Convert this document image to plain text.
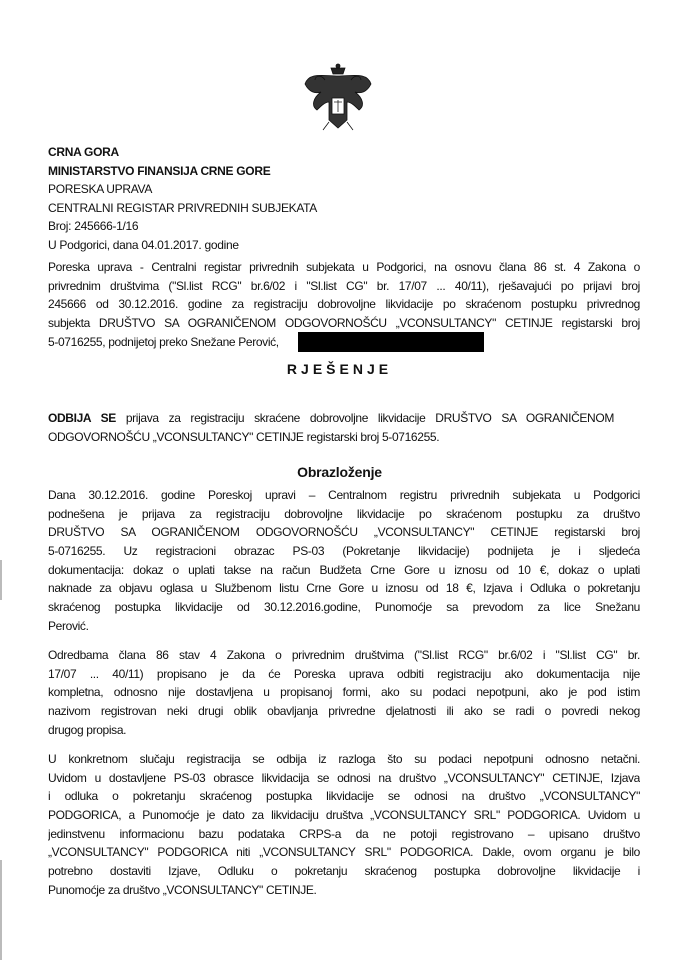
CRNA GORA
MINISTARSTVO FINANSIJA CRNE GORE
PORESKA UPRAVA
CENTRALNI REGISTAR PRIVREDNIH SUBJEKATA
Broj: 245666-1/16
U Podgorici, dana 04.01.2017. godine
Poreska uprava - Centralni registar privrednih subjekata u Podgorici, na osnovu člana 86 st. 4 Zakona o
privrednim društvima ("Sl.list RCG" br.6/02 i "Sl.list CG" br. 17/07 ... 40/11), rješavajući po prijavi broj
245666 od 30.12.2016. godine za registraciju dobrovoljne likvidacije po skraćenom postupku privrednog
subjekta DRUŠTVO SA OGRANIČENOM ODGOVORNOŠĆU „VCONSULTANCY" CETINJE registarski broj
5-0716255, podnijetoj preko Snežane Perović,
RJEŠENJE
ODBIJA SE prijava za registraciju skraćene dobrovoljne likvidacije DRUŠTVO SA OGRANIČENOM
ODGOVORNOŠĆU „VCONSULTANCY" CETINJE registarski broj 5-0716255.
Obrazloženje
Dana 30.12.2016. godine Poreskoj upravi – Centralnom registru privrednih subjekata u Podgorici
podnešena je prijava za registraciju dobrovoljne likvidacije po skraćenom postupku za društvo
DRUŠTVO SA OGRANIČENOM ODGOVORNOŠĆU „VCONSULTANCY" CETINJE registarski broj
5-0716255. Uz registracioni obrazac PS-03 (Pokretanje likvidacije) podnijeta je i sljedeća
dokumentacija: dokaz o uplati takse na račun Budžeta Crne Gore u iznosu od 10 €, dokaz o uplati
naknade za objavu oglasa u Službenom listu Crne Gore u iznosu od 18 €, Izjava i Odluka o pokretanju
skraćenog postupka likvidacije od 30.12.2016.godine, Punomoćje sa prevodom za lice Snežanu
Perović.
Odredbama člana 86 stav 4 Zakona o privrednim društvima ("Sl.list RCG" br.6/02 i "Sl.list CG" br.
17/07 ... 40/11) propisano je da će Poreska uprava odbiti registraciju ako dokumentacija nije
kompletna, odnosno nije dostavljena u propisanoj formi, ako su podaci nepotpuni, ako je pod istim
nazivom registrovan neki drugi oblik obavljanja privredne djelatnosti ili ako se radi o povredi nekog
drugog propisa.
U konkretnom slučaju registracija se odbija iz razloga što su podaci nepotpuni odnosno netačni.
Uvidom u dostavljene PS-03 obrasce likvidacija se odnosi na društvo „VCONSULTANCY" CETINJE, Izjava
i odluka o pokretanju skraćenog postupka likvidacije se odnosi na društvo „VCONSULTANCY"
PODGORICA, a Punomoćje je dato za likvidaciju društva „VCONSULTANCY SRL" PODGORICA. Uvidom u
jedinstvenu informacionu bazu podataka CRPS-a da ne potoji registrovano – upisano društvo
„VCONSULTANCY" PODGORICA niti „VCONSULTANCY SRL" PODGORICA. Dakle, ovom organu je bilo
potrebno dostaviti Izjave, Odluku o pokretanju skraćenog postupka dobrovoljne likvidacije i
Punomoćje za društvo „VCONSULTANCY" CETINJE.
